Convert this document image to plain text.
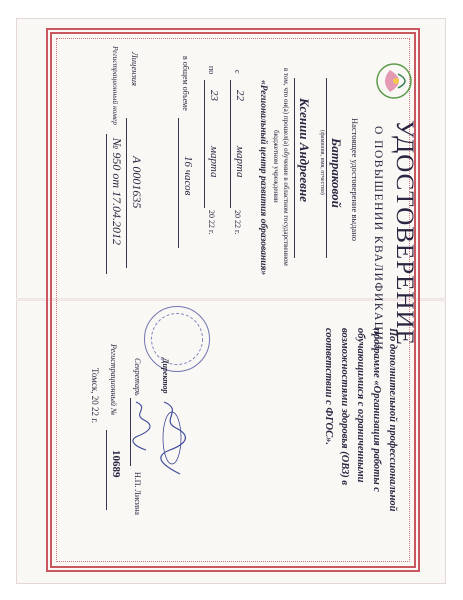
УДОСТОВЕРЕНИЕ
О ПОВЫШЕНИИ КВАЛИФИКАЦИИ
Настоящее удостоверение выдано
Батраковой
(фамилия, имя, отчество)
Ксении Андреевне
в том, что он(а) прошел(а) обучение в областном государственном
бюджетном учреждении
«Региональный центр развития образования»
с
22
марта
20 22 г.
по
23
марта
20 22 г.
в общем объеме
16 часов
Лицензия
А 0001635
Регистрационный номер
№ 950 от 17.04.2012
По дополнительной профессиональной
программе «Организация работы с
обучающимися с ограниченными
возможностями здоровья (ОВЗ) в
соответствии с ФГОС».
Директор
Секретарь
Н.П. Лисина
Регистрационный №
10689
Томск, 20 22 г.
